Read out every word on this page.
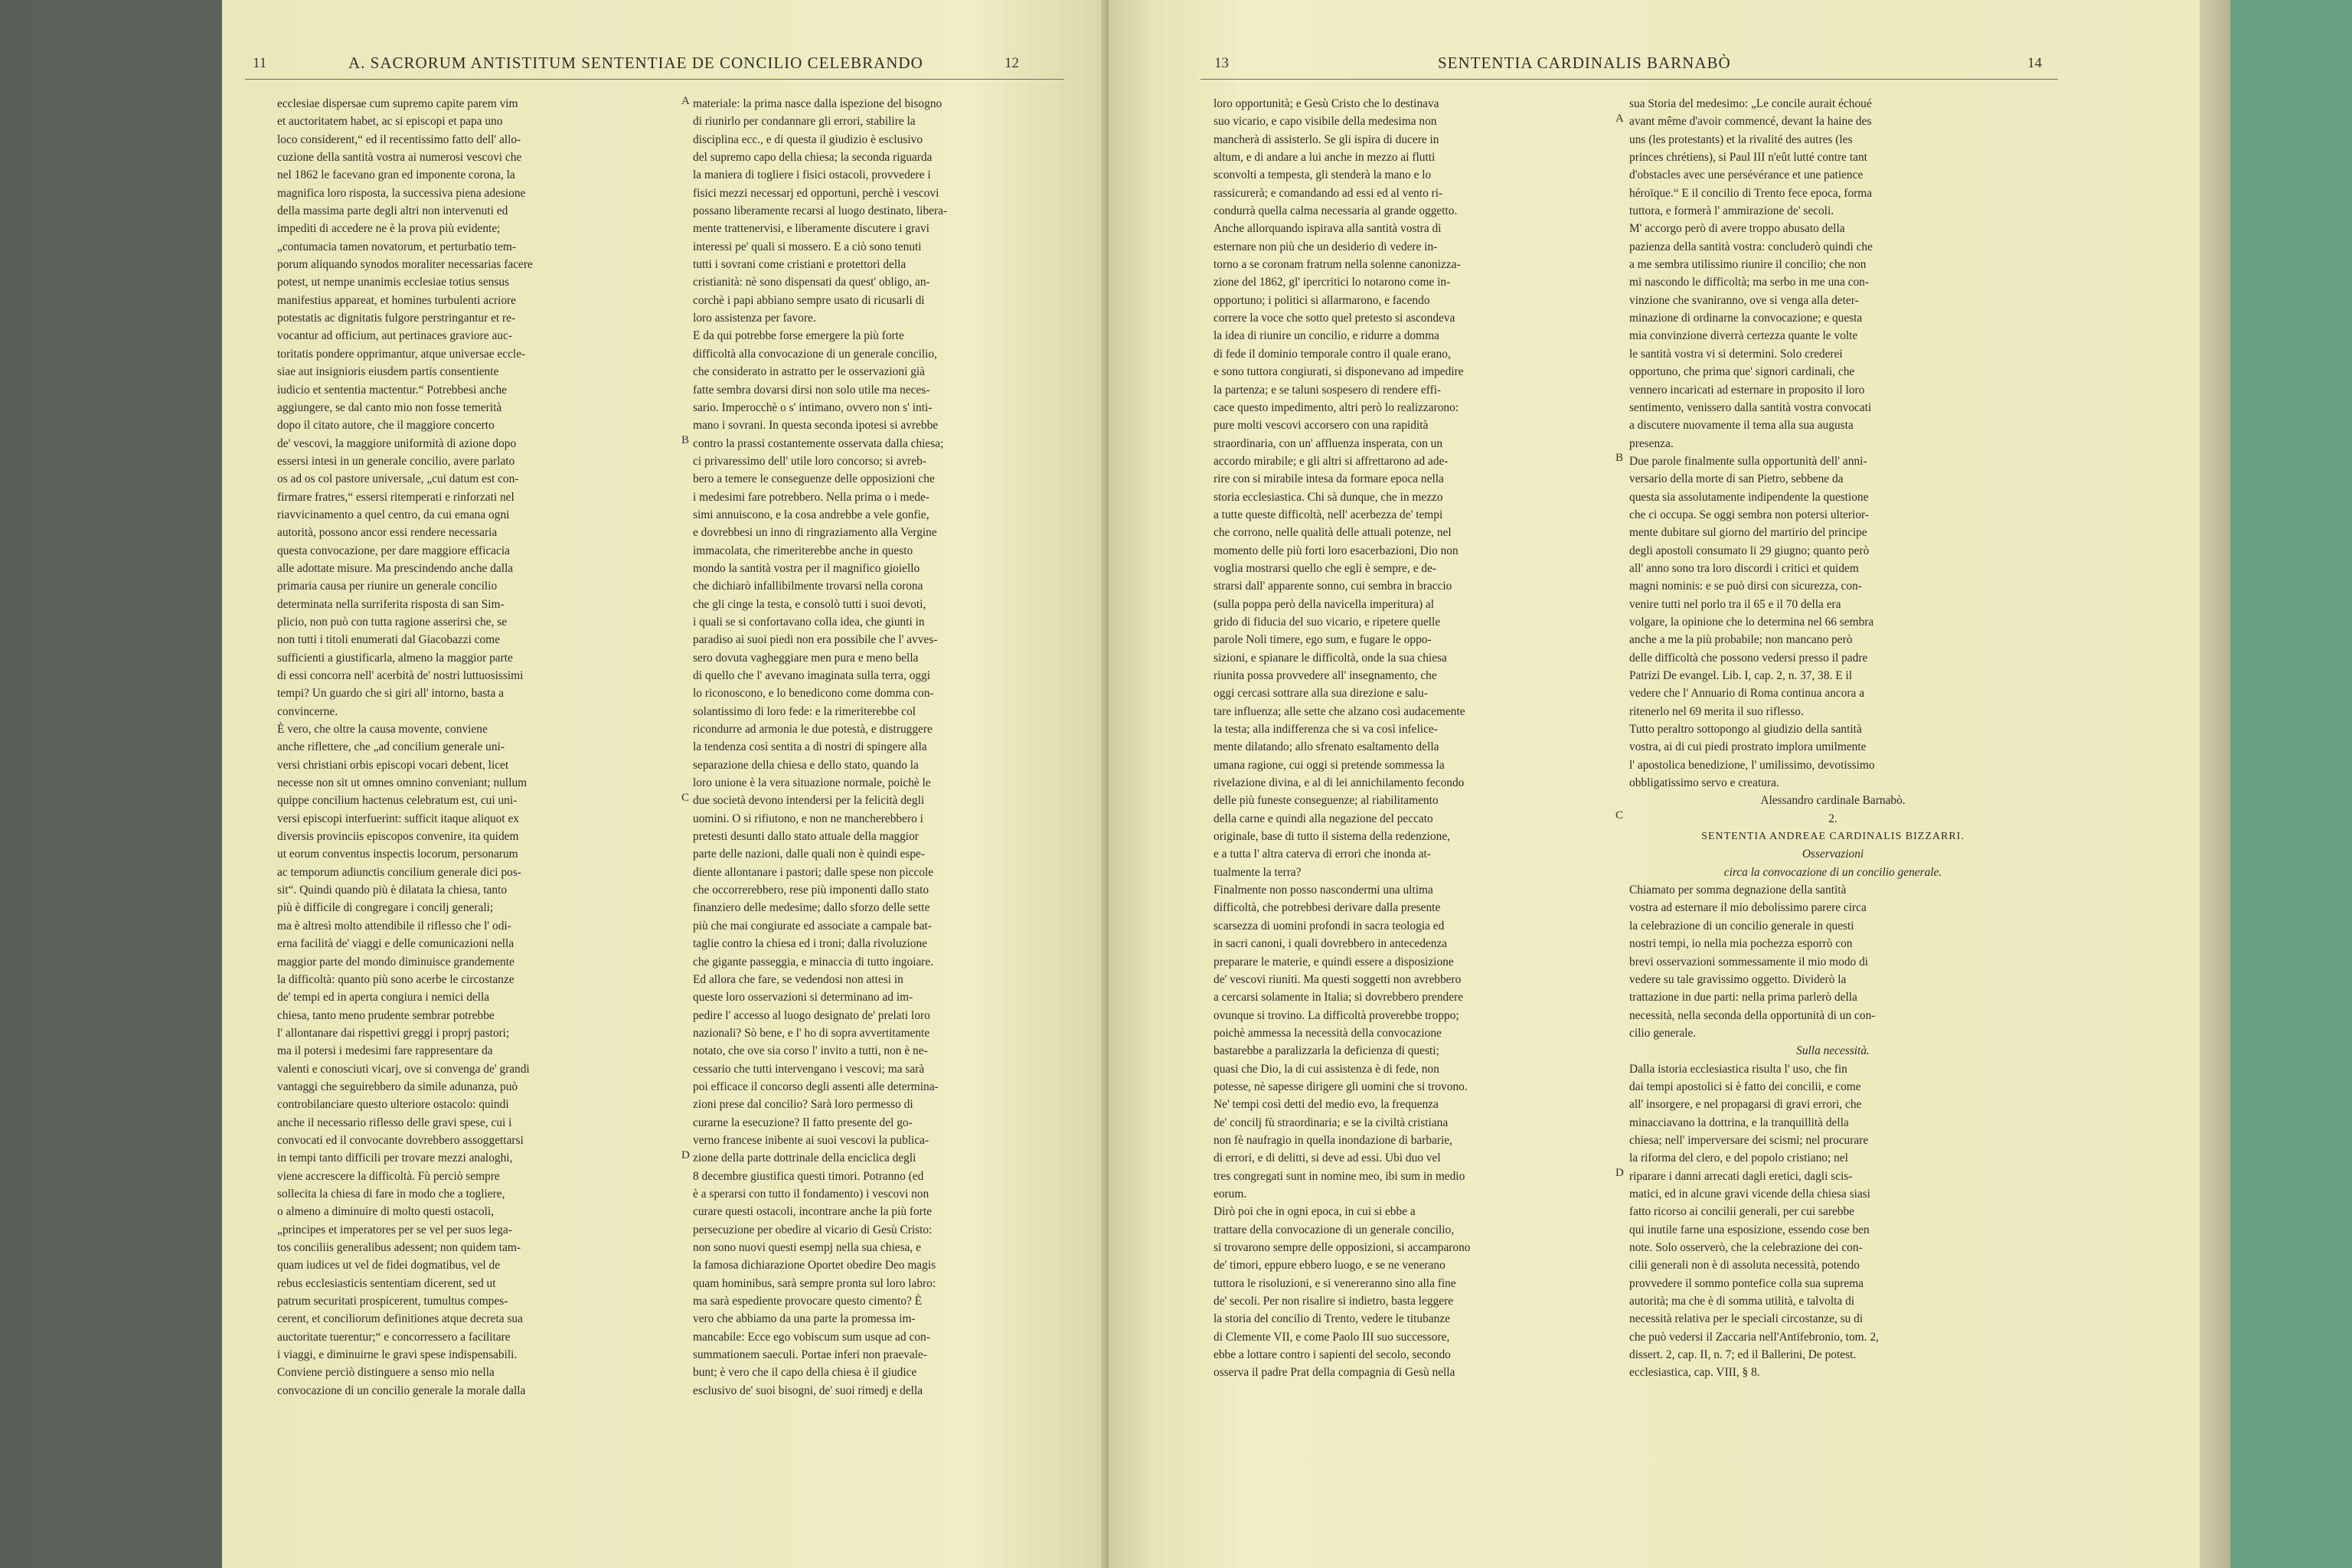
11	A. SACRORUM ANTISTITUM SENTENTIAE DE CONCILIO CELEBRANDO	12

ecclesiae dispersae cum supremo capite parem vim

et auctoritatem habet, ac si episcopi et papa uno

loco considerent,“ ed il recentissimo fatto dell' allo-

cuzione della santità vostra ai numerosi vescovi che

nel 1862 le facevano gran ed imponente corona, la

magnifica loro risposta, la successiva piena adesione

della massima parte degli altri non intervenuti ed

impediti di accedere ne è la prova più evidente;

„contumacia tamen novatorum, et perturbatio tem-

porum aliquando synodos moraliter necessarias facere

potest, ut nempe unanimis ecclesiae totius sensus

manifestius appareat, et homines turbulenti acriore

potestatis ac dignitatis fulgore perstringantur et re-

vocantur ad officium, aut pertinaces graviore auc-

toritatis pondere opprimantur, atque universae eccle-

siae aut insignioris eiusdem partis consentiente

iudicio et sententia mactentur.“ Potrebbesi anche

aggiungere, se dal canto mio non fosse temerità

dopo il citato autore, che il maggiore concerto

de' vescovi, la maggiore uniformità di azione dopo

essersi intesi in un generale concilio, avere parlato

os ad os col pastore universale, „cui datum est con-

firmare fratres,“ essersi ritemperati e rinforzati nel

riavvicinamento a quel centro, da cui emana ogni

autorità, possono ancor essi rendere necessaria

questa convocazione, per dare maggiore efficacia

alle adottate misure. Ma prescindendo anche dalla

primaria causa per riunire un generale concilio

determinata nella surriferita risposta di san Sim-

plicio, non può con tutta ragione asserirsi che, se

non tutti i titoli enumerati dal Giacobazzi come

sufficienti a giustificarla, almeno la maggior parte

di essi concorra nell' acerbità de' nostri luttuosissimi

tempi? Un guardo che si giri all' intorno, basta a

convincerne.

È vero, che oltre la causa movente, conviene

anche riflettere, che „ad concilium generale uni-

versi christiani orbis episcopi vocari debent, licet

necesse non sit ut omnes omnino conveniant; nullum

quippe concilium hactenus celebratum est, cui uni-

versi episcopi interfuerint: sufficit itaque aliquot ex

diversis provinciis episcopos convenire, ita quidem

ut eorum conventus inspectis locorum, personarum

ac temporum adiunctis concilium generale dici pos-

sit“. Quindi quando più è dilatata la chiesa, tanto

più è difficile di congregare i concilj generali;

ma è altresì molto attendibile il riflesso che l' odi-

erna facilità de' viaggi e delle comunicazioni nella

maggior parte del mondo diminuisce grandemente

la difficoltà: quanto più sono acerbe le circostanze

de' tempi ed in aperta congiura i nemici della

chiesa, tanto meno prudente sembrar potrebbe

l' allontanare dai rispettivi greggi i proprj pastori;

ma il potersi i medesimi fare rappresentare da

valenti e conosciuti vicarj, ove si convenga de' grandi

vantaggi che seguirebbero da simile adunanza, può

controbilanciare questo ulteriore ostacolo: quindi

anche il necessario riflesso delle gravi spese, cui i

convocati ed il convocante dovrebbero assoggettarsi

in tempi tanto difficili per trovare mezzi analoghi,

viene accrescere la difficoltà. Fù perciò sempre

sollecita la chiesa di fare in modo che a togliere,

o almeno a diminuire di molto questi ostacoli,

„principes et imperatores per se vel per suos lega-

tos conciliis generalibus adessent; non quidem tam-

quam iudices ut vel de fidei dogmatibus, vel de

rebus ecclesiasticis sententiam dicerent, sed ut

patrum securitati prospicerent, tumultus compes-

cerent, et conciliorum definitiones atque decreta sua

auctoritate tuerentur;“ e concorressero a facilitare

i viaggi, e diminuirne le gravi spese indispensabili.

Conviene perciò distinguere a senso mio nella

convocazione di un concilio generale la morale dalla

materiale: la prima nasce dalla ispezione del bisogno

di riunirlo per condannare gli errori, stabilire la

disciplina ecc., e di questa il giudizio è esclusivo

del supremo capo della chiesa; la seconda riguarda

la maniera di togliere i fisici ostacoli, provvedere i

fisici mezzi necessarj ed opportuni, perchè i vescovi

possano liberamente recarsi al luogo destinato, libera-

mente trattenervisi, e liberamente discutere i gravi

interessi pe' quali si mossero. E a ciò sono tenuti

tutti i sovrani come cristiani e protettori della

cristianità: nè sono dispensati da quest' obligo, an-

corchè i papi abbiano sempre usato di ricusarli di

loro assistenza per favore.

E da qui potrebbe forse emergere la più forte

difficoltà alla convocazione di un generale concilio,

che considerato in astratto per le osservazioni già

fatte sembra dovarsi dirsi non solo utile ma neces-

sario. Imperocchè o s' intimano, ovvero non s' inti-

mano i sovrani. In questa seconda ipotesi si avrebbe

contro la prassi costantemente osservata dalla chiesa;

ci privaressimo dell' utile loro concorso; si avreb-

bero a temere le conseguenze delle opposizioni che

i medesimi fare potrebbero. Nella prima o i mede-

simi annuiscono, e la cosa andrebbe a vele gonfie,

e dovrebbesi un inno di ringraziamento alla Vergine

immacolata, che rimeriterebbe anche in questo

mondo la santità vostra per il magnifico gioiello

che dichiarò infallibilmente trovarsi nella corona

che gli cinge la testa, e consolò tutti i suoi devoti,

i quali se si confortavano colla idea, che giunti in

paradiso ai suoi piedi non era possibile che l' avves-

sero dovuta vagheggiare men pura e meno bella

di quello che l' avevano imaginata sulla terra, oggi

lo riconoscono, e lo benedicono come domma con-

solantissimo di loro fede: e la rimeriterebbe col

ricondurre ad armonia le due potestà, e distruggere

la tendenza così sentita a di nostri di spingere alla

separazione della chiesa e dello stato, quando la

loro unione è la vera situazione normale, poichè le

due società devono intendersi per la felicità degli

uomini. O si rifiutono, e non ne mancherebbero i

pretesti desunti dallo stato attuale della maggior

parte delle nazioni, dalle quali non è quindi espe-

diente allontanare i pastori; dalle spese non piccole

che occorrerebbero, rese più imponenti dallo stato

finanziero delle medesime; dallo sforzo delle sette

più che mai congiurate ed associate a campale bat-

taglie contro la chiesa ed i troni; dalla rivoluzione

che gigante passeggia, e minaccia di tutto ingoiare.

Ed allora che fare, se vedendosi non attesi in

queste loro osservazioni si determinano ad im-

pedire l' accesso al luogo designato de' prelati loro

nazionali? Sò bene, e l' ho di sopra avvertitamente

notato, che ove sia corso l' invito a tutti, non è ne-

cessario che tutti intervengano i vescovi; ma sarà

poi efficace il concorso degli assenti alle determina-

zioni prese dal concilio? Sarà loro permesso di

curarne la esecuzione? Il fatto presente del go-

verno francese inibente ai suoi vescovi la publica-

zione della parte dottrinale della enciclica degli

8 decembre giustifica questi timori. Potranno (ed

è a sperarsi con tutto il fondamento) i vescovi non

curare questi ostacoli, incontrare anche la più forte

persecuzione per obedire al vicario di Gesù Cristo:

non sono nuovi questi esempj nella sua chiesa, e

la famosa dichiarazione Oportet obedire Deo magis

quam hominibus, sarà sempre pronta sul loro labro:

ma sarà espediente provocare questo cimento? È

vero che abbiamo da una parte la promessa im-

mancabile: Ecce ego vobiscum sum usque ad con-

summationem saeculi. Portae inferi non praevale-

bunt; è vero che il capo della chiesa è il giudice

esclusivo de' suoi bisogni, de' suoi rimedj e della

A
B
C
D
13	SENTENTIA CARDINALIS BARNABÒ	14

loro opportunità; e Gesù Cristo che lo destinava

suo vicario, e capo visibile della medesima non

mancherà di assisterlo. Se gli ispira di ducere in

altum, e di andare a lui anche in mezzo ai flutti

sconvolti a tempesta, gli stenderà la mano e lo

rassicurerà; e comandando ad essi ed al vento ri-

condurrà quella calma necessaria al grande oggetto.

Anche allorquando ispirava alla santità vostra di

esternare non più che un desiderio di vedere in-

torno a se coronam fratrum nella solenne canonizza-

zione del 1862, gl' ipercritici lo notarono come in-

opportuno; i politici si allarmarono, e facendo

correre la voce che sotto quel pretesto si ascondeva

la idea di riunire un concilio, e ridurre a domma

di fede il dominio temporale contro il quale erano,

e sono tuttora congiurati, si disponevano ad impedire

la partenza; e se taluni sospesero di rendere effi-

cace questo impedimento, altri però lo realizzarono:

pure molti vescovi accorsero con una rapidità

straordinaria, con un' affluenza insperata, con un

accordo mirabile; e gli altri si affrettarono ad ade-

rire con si mirabile intesa da formare epoca nella

storia ecclesiastica. Chi sà dunque, che in mezzo

a tutte queste difficoltà, nell' acerbezza de' tempi

che corrono, nelle qualità delle attuali potenze, nel

momento delle più forti loro esacerbazioni, Dio non

voglia mostrarsi quello che egli è sempre, e de-

strarsi dall' apparente sonno, cui sembra in braccio

(sulla poppa però della navicella imperitura) al

grido di fiducia del suo vicario, e ripetere quelle

parole Noli timere, ego sum, e fugare le oppo-

sizioni, e spianare le difficoltà, onde la sua chiesa

riunita possa provvedere all' insegnamento, che

oggi cercasi sottrare alla sua direzione e salu-

tare influenza; alle sette che alzano così audacemente

la testa; alla indifferenza che si va così infelice-

mente dilatando; allo sfrenato esaltamento della

umana ragione, cui oggi si pretende sommessa la

rivelazione divina, e al di lei annichilamento fecondo

delle più funeste conseguenze; al riabilitamento

della carne e quindi alla negazione del peccato

originale, base di tutto il sistema della redenzione,

e a tutta l' altra caterva di errori che inonda at-

tualmente la terra?

Finalmente non posso nascondermi una ultima

difficoltà, che potrebbesi derivare dalla presente

scarsezza di uomini profondi in sacra teologia ed

in sacri canoni, i quali dovrebbero in antecedenza

preparare le materie, e quindi essere a disposizione

de' vescovi riuniti. Ma questi soggetti non avrebbero

a cercarsi solamente in Italia; si dovrebbero prendere

ovunque si trovino. La difficoltà proverebbe troppo;

poichè ammessa la necessità della convocazione

bastarebbe a paralizzarla la deficienza di questi;

quasi che Dio, la di cui assistenza è di fede, non

potesse, nè sapesse dirigere gli uomini che si trovono.

Ne' tempi così detti del medio evo, la frequenza

de' concilj fù straordinaria; e se la civiltà cristiana

non fè naufragio in quella inondazione di barbarie,

di errori, e di delitti, si deve ad essi. Ubi duo vel

tres congregati sunt in nomine meo, ibi sum in medio

eorum.

Dirò poi che in ogni epoca, in cui si ebbe a

trattare della convocazione di un generale concilio,

si trovarono sempre delle opposizioni, si accamparono

de' timori, eppure ebbero luogo, e se ne venerano

tuttora le risoluzioni, e si venereranno sino alla fine

de' secoli. Per non risalire si indietro, basta leggere

la storia del concilio di Trento, vedere le titubanze

di Clemente VII, e come Paolo III suo successore,

ebbe a lottare contro i sapienti del secolo, secondo

osserva il padre Prat della compagnia di Gesù nella

sua Storia del medesimo: „Le concile aurait échoué

avant même d'avoir commencé, devant la haine des

uns (les protestants) et la rivalité des autres (les

princes chrétiens), si Paul III n'eût lutté contre tant

d'obstacles avec une persévérance et une patience

héroïque.“ E il concilio di Trento fece epoca, forma

tuttora, e formerà l' ammirazione de' secoli.

M' accorgo però di avere troppo abusato della

pazienza della santità vostra: concluderò quindi che

a me sembra utilissimo riunire il concilio; che non

mi nascondo le difficoltà; ma serbo in me una con-

vinzione che svaniranno, ove si venga alla deter-

minazione di ordinarne la convocazione; e questa

mia convinzione diverrà certezza quante le volte

le santità vostra vi si determini. Solo crederei

opportuno, che prima que' signori cardinali, che

vennero incaricati ad esternare in proposito il loro

sentimento, venissero dalla santità vostra convocati

a discutere nuovamente il tema alla sua augusta

presenza.

Due parole finalmente sulla opportunità dell' anni-

versario della morte di san Pietro, sebbene da

questa sia assolutamente indipendente la questione

che ci occupa. Se oggi sembra non potersi ulterior-

mente dubitare sul giorno del martirio del principe

degli apostoli consumato li 29 giugno; quanto però

all' anno sono tra loro discordi i critici et quidem

magni nominis: e se può dirsi con sicurezza, con-

venire tutti nel porlo tra il 65 e il 70 della era

volgare, la opinione che lo determina nel 66 sembra

anche a me la più probabile; non mancano però

delle difficoltà che possono vedersi presso il padre

Patrizi De evangel. Lib. I, cap. 2, n. 37, 38. E il

vedere che l' Annuario di Roma continua ancora a

ritenerlo nel 69 merita il suo riflesso.

Tutto peraltro sottopongo al giudizio della santità

vostra, ai di cui piedi prostrato implora umilmente

l' apostolica benedizione, l' umilissimo, devotissimo

obbligatissimo servo e creatura.

Alessandro cardinale Barnabò.

2.

SENTENTIA ANDREAE CARDINALIS BIZZARRI.

Osservazioni

circa la convocazione di un concilio generale.

Chiamato per somma degnazione della santità

vostra ad esternare il mio debolissimo parere circa

la celebrazione di un concilio generale in questi

nostri tempi, io nella mia pochezza esporrò con

brevi osservazioni sommessamente il mio modo di

vedere su tale gravissimo oggetto. Dividerò la

trattazione in due parti: nella prima parlerò della

necessità, nella seconda della opportunità di un con-

cilio generale.

Sulla necessità.

Dalla istoria ecclesiastica risulta l' uso, che fin

dai tempi apostolici si è fatto dei concilii, e come

all' insorgere, e nel propagarsi di gravi errori, che

minacciavano la dottrina, e la tranquillità della

chiesa; nell' imperversare dei scismi; nel procurare

la riforma del clero, e del popolo cristiano; nel

riparare i danni arrecati dagli eretici, dagli scis-

matici, ed in alcune gravi vicende della chiesa siasi

fatto ricorso ai concilii generali, per cui sarebbe

qui inutile farne una esposizione, essendo cose ben

note. Solo osserverò, che la celebrazione dei con-

cilii generali non è di assoluta necessità, potendo

provvedere il sommo pontefice colla sua suprema

autorità; ma che è di somma utilità, e talvolta di

necessità relativa per le speciali circostanze, su di

che può vedersi il Zaccaria nell'Antifebronio, tom. 2,

dissert. 2, cap. II, n. 7; ed il Ballerini, De potest.

ecclesiastica, cap. VIII, § 8.

A
B
C
D
